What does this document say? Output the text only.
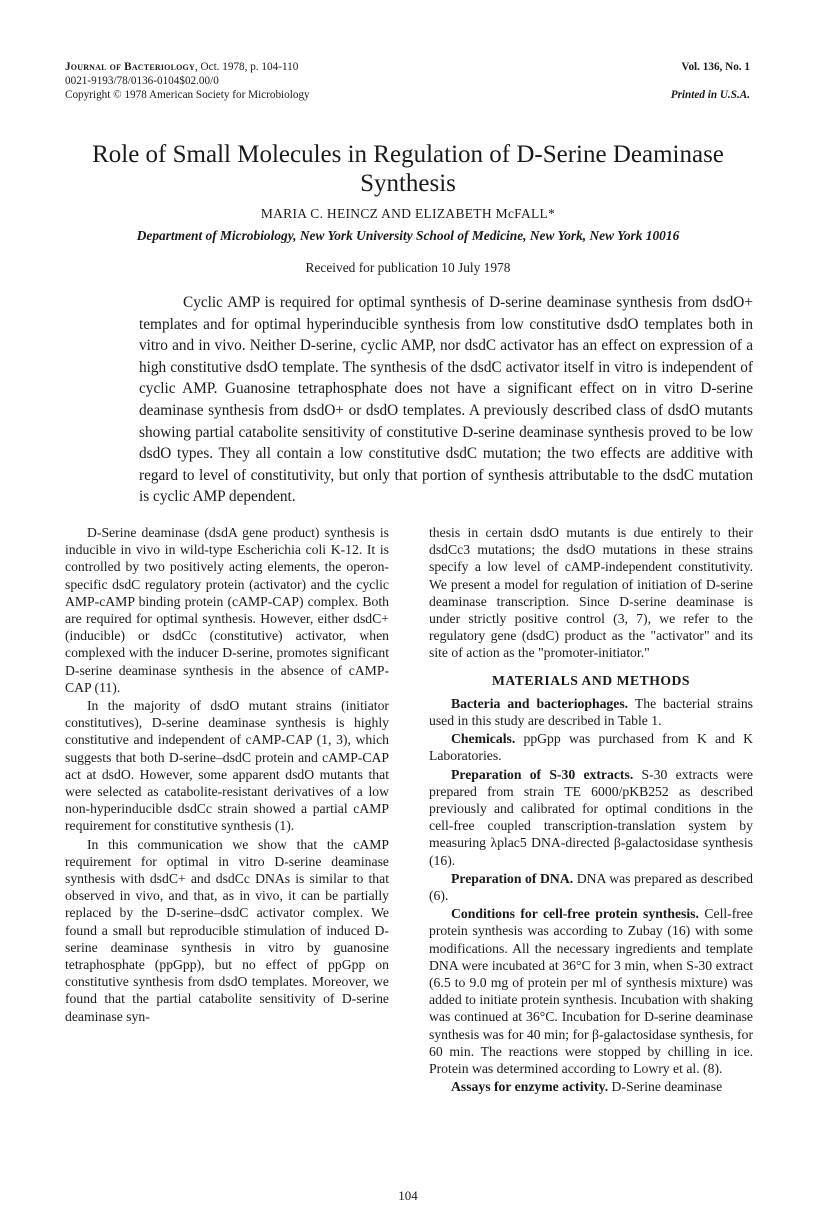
Journal of Bacteriology, Oct. 1978, p. 104-110
0021-9193/78/0136-0104$02.00/0
Copyright © 1978 American Society for Microbiology
Vol. 136, No. 1
Printed in U.S.A.
Role of Small Molecules in Regulation of D-Serine Deaminase
Synthesis
MARIA C. HEINCZ AND ELIZABETH McFALL*
Department of Microbiology, New York University School of Medicine, New York, New York 10016
Received for publication 10 July 1978
Cyclic AMP is required for optimal synthesis of D-serine deaminase synthesis from dsdO+ templates and for optimal hyperinducible synthesis from low constitutive dsdO templates both in vitro and in vivo. Neither D-serine, cyclic AMP, nor dsdC activator has an effect on expression of a high constitutive dsdO template. The synthesis of the dsdC activator itself in vitro is independent of cyclic AMP. Guanosine tetraphosphate does not have a significant effect on in vitro D-serine deaminase synthesis from dsdO+ or dsdO templates. A previously described class of dsdO mutants showing partial catabolite sensitivity of constitutive D-serine deaminase synthesis proved to be low dsdO types. They all contain a low constitutive dsdC mutation; the two effects are additive with regard to level of constitutivity, but only that portion of synthesis attributable to the dsdC mutation is cyclic AMP dependent.

D-Serine deaminase (dsdA gene product) synthesis is inducible in vivo in wild-type Escherichia coli K-12. It is controlled by two positively acting elements, the operon-specific dsdC regulatory protein (activator) and the cyclic AMP-cAMP binding protein (cAMP-CAP) complex. Both are required for optimal synthesis. However, either dsdC+ (inducible) or dsdCc (constitutive) activator, when complexed with the inducer D-serine, promotes significant D-serine deaminase synthesis in the absence of cAMP-CAP (11).

In the majority of dsdO mutant strains (initiator constitutives), D-serine deaminase synthesis is highly constitutive and independent of cAMP-CAP (1, 3), which suggests that both D-serine–dsdC protein and cAMP-CAP act at dsdO. However, some apparent dsdO mutants that were selected as catabolite-resistant derivatives of a low non-hyperinducible dsdCc strain showed a partial cAMP requirement for constitutive synthesis (1).

In this communication we show that the cAMP requirement for optimal in vitro D-serine deaminase synthesis with dsdC+ and dsdCc DNAs is similar to that observed in vivo, and that, as in vivo, it can be partially replaced by the D-serine–dsdC activator complex. We found a small but reproducible stimulation of induced D-serine deaminase synthesis in vitro by guanosine tetraphosphate (ppGpp), but no effect of ppGpp on constitutive synthesis from dsdO templates. Moreover, we found that the partial catabolite sensitivity of D-serine deaminase syn-

thesis in certain dsdO mutants is due entirely to their dsdCc3 mutations; the dsdO mutations in these strains specify a low level of cAMP-independent constitutivity. We present a model for regulation of initiation of D-serine deaminase transcription. Since D-serine deaminase is under strictly positive control (3, 7), we refer to the regulatory gene (dsdC) product as the "activator" and its site of action as the "promoter-initiator."

MATERIALS AND METHODS

Bacteria and bacteriophages. The bacterial strains used in this study are described in Table 1.

Chemicals. ppGpp was purchased from K and K Laboratories.

Preparation of S-30 extracts. S-30 extracts were prepared from strain TE 6000/pKB252 as described previously and calibrated for optimal conditions in the cell-free coupled transcription-translation system by measuring λplac5 DNA-directed β-galactosidase synthesis (16).

Preparation of DNA. DNA was prepared as described (6).

Conditions for cell-free protein synthesis. Cell-free protein synthesis was according to Zubay (16) with some modifications. All the necessary ingredients and template DNA were incubated at 36°C for 3 min, when S-30 extract (6.5 to 9.0 mg of protein per ml of synthesis mixture) was added to initiate protein synthesis. Incubation with shaking was continued at 36°C. Incubation for D-serine deaminase synthesis was for 40 min; for β-galactosidase synthesis, for 60 min. The reactions were stopped by chilling in ice. Protein was determined according to Lowry et al. (8).

Assays for enzyme activity. D-Serine deaminase

104
